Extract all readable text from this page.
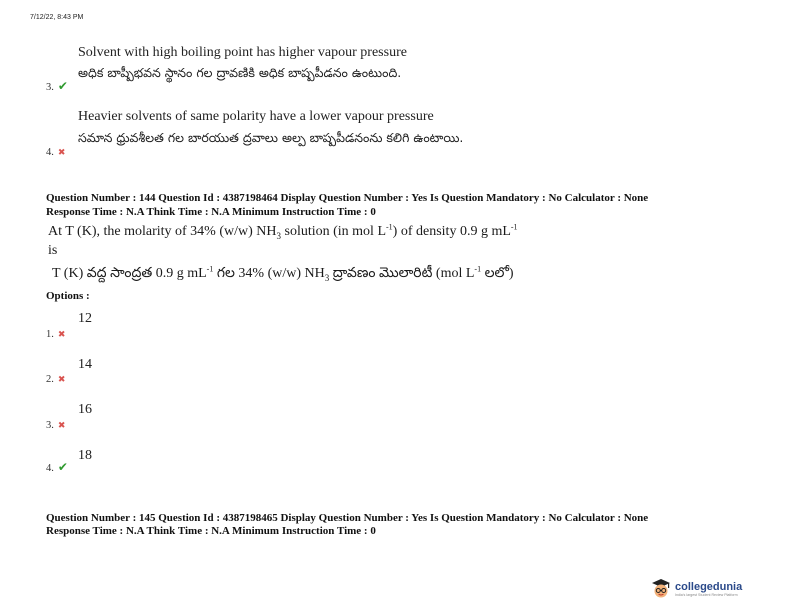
7/12/22, 8:43 PM
Solvent with high boiling point has higher vapour pressure
అధిక బాష్పీభవన స్థానం గల ద్రావణికి అధిక బాష్పపీడనం ఉంటుంది.
3. ✔
Heavier solvents of same polarity have a lower vapour pressure
సమాన ధ్రువశీలత గల బారయుత ద్రవాలు అల్ప బాష్పపీడనంను కలిగి ఉంటాయి.
4. ✖
Question Number : 144 Question Id : 4387198464 Display Question Number : Yes Is Question Mandatory : No Calculator : None
Response Time : N.A Think Time : N.A Minimum Instruction Time : 0
At T (K), the molarity of 34% (w/w) $NH_3$ solution (in mol $L^{-1}$) of density 0.9 g $mL^{-1}$
is
T (K) వద్ద సాంద్రత 0.9 g $mL^{-1}$ గల 34% (w/w) $NH_3$ ద్రావణం మొలారిటీ (mol $L^{-1}$ లలో)
Options :
12
1. ✖
14
2. ✖
16
3. ✖
18
4. ✔
Question Number : 145 Question Id : 4387198465 Display Question Number : Yes Is Question Mandatory : No Calculator : None
Response Time : N.A Think Time : N.A Minimum Instruction Time : 0
collegedunia
India's largest Student Review Platform
